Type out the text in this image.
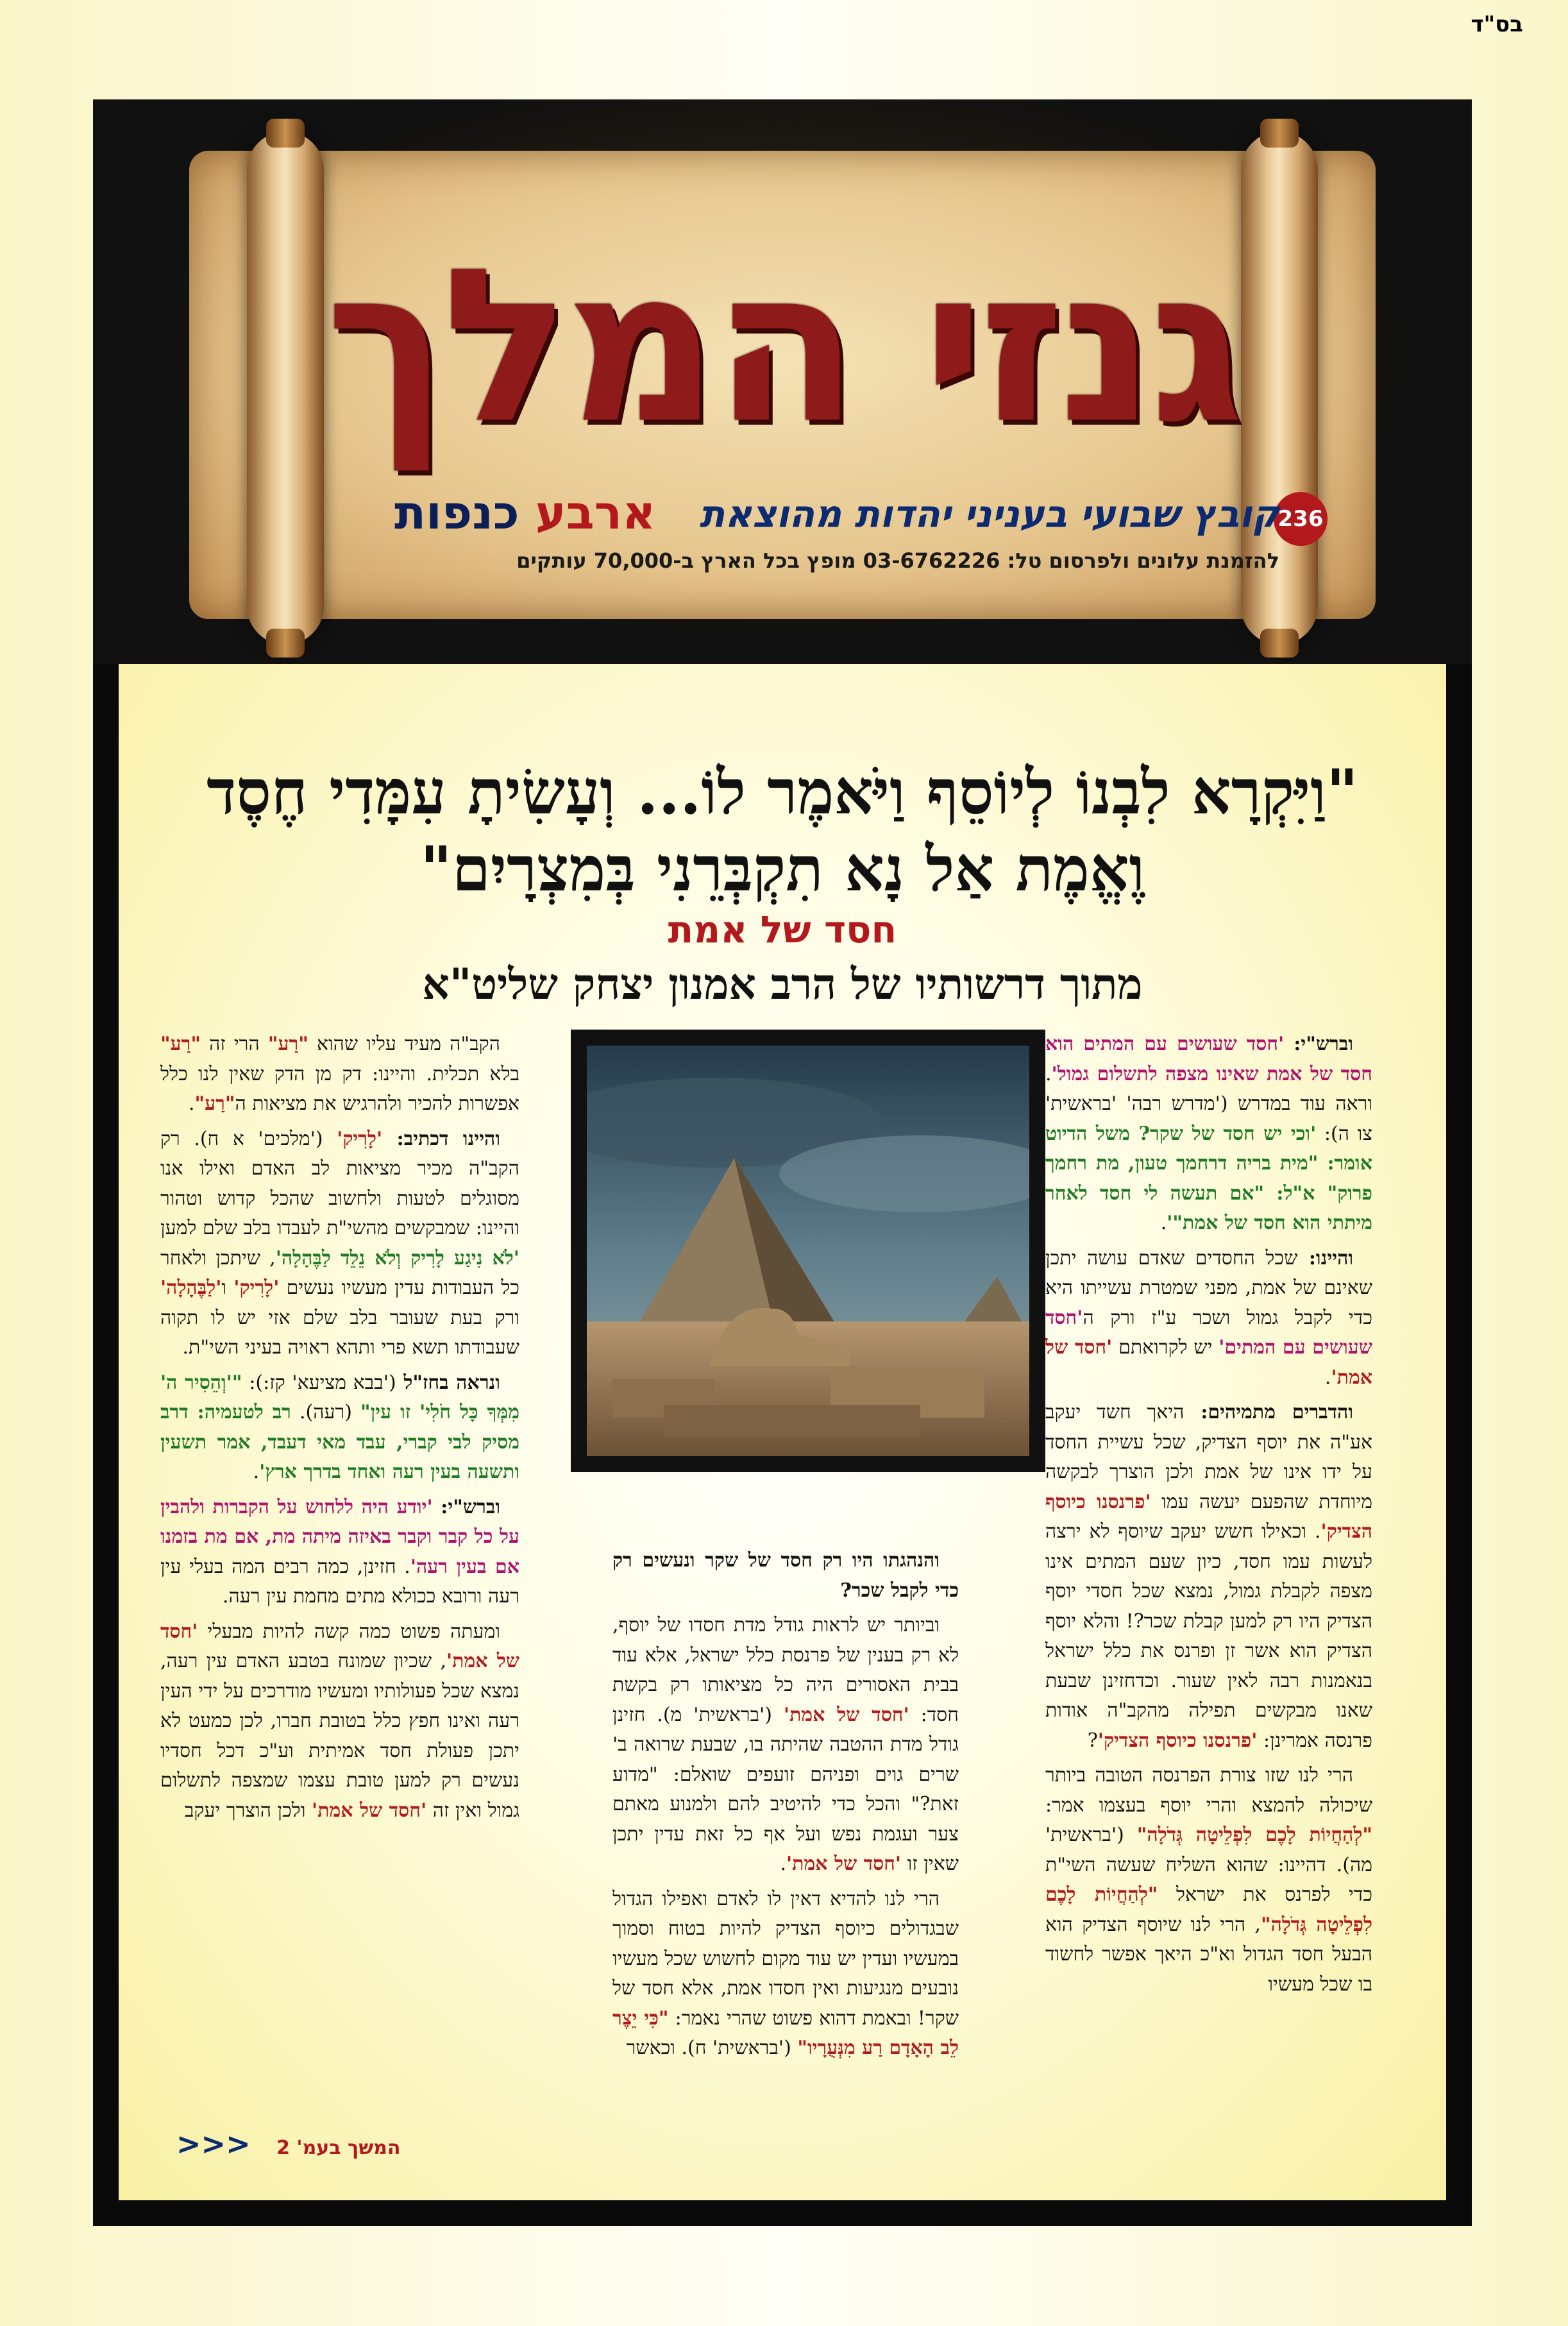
בס"ד
גנזי המלך
236
קובץ שבועי בעניני יהדות מהוצאת
ארבע כנפות
להזמנת עלונים ולפרסום טל: 03-6762226 מופץ בכל הארץ ב-70,000 עותקים
"וַיִּקְרָא לִבְנוֹ לְיוֹסֵף וַיֹּאמֶר לוֹ... וְעָשִׂיתָ עִמָּדִי חֶסֶד
וֶאֱמֶת אַל נָא תִקְבְּרֵנִי בְּמִצְרָיִם"
חסד של אמת
מתוך דרשותיו של הרב אמנון יצחק שליט"א

וברש"י: 'חסד שעושים עם המתים הוא חסד של אמת שאינו מצפה לתשלום גמול'. וראה עוד במדרש ('מדרש רבה' 'בראשית' צו ה): 'וכי יש חסד של שקר? משל הדיוט אומר: "מית בריה דרחמך טעון, מת רחמך פרוק" א"ל: "אם תעשה לי חסד לאחר מיתתי הוא חסד של אמת"'.

והיינו: שכל החסדים שאדם עושה יתכן שאינם של אמת, מפני שמטרת עשייתו היא כדי לקבל גמול ושכר ע"ז ורק ה'חסד שעושים עם המתים' יש לקרואתם 'חסד של אמת'.

והדברים מתמיהים: היאך חשד יעקב אע"ה את יוסף הצדיק, שכל עשיית החסד על ידו אינו של אמת ולכן הוצרך לבקשה מיוחדת שהפעם יעשה עמו 'פרנסנו כיוסף הצדיק'. וכאילו חשש יעקב שיוסף לא ירצה לעשות עמו חסד, כיון שעם המתים אינו מצפה לקבלת גמול, נמצא שכל חסדי יוסף הצדיק היו רק למען קבלת שכר?! והלא יוסף הצדיק הוא אשר זן ופרנס את כלל ישראל בנאמנות רבה לאין שעור. וכדחזינן שבעת שאנו מבקשים תפילה מהקב"ה אודות פרנסה אמרינן: 'פרנסנו כיוסף הצדיק'?

הרי לנו שזו צורת הפרנסה הטובה ביותר שיכולה להמצא והרי יוסף בעצמו אמר: "לְהַחֲיוֹת לָכֶם לִפְלֵיטָה גְּדֹלָה" ('בראשית' מה). דהיינו: שהוא השליח שעשה השי"ת כדי לפרנס את ישראל "לְהַחֲיוֹת לָכֶם לִפְלֵיטָה גְּדֹלָה", הרי לנו שיוסף הצדיק הוא הבעל חסד הגדול וא"כ היאך אפשר לחשוד בו שכל מעשיו

והנהגתו היו רק חסד של שקר ונעשים רק כדי לקבל שכר?

וביותר יש לראות גודל מדת חסדו של יוסף, לא רק בענין של פרנסת כלל ישראל, אלא עוד בבית האסורים היה כל מציאותו רק בקשת חסד: 'חסד של אמת' ('בראשית' מ). חזינן גודל מדת ההטבה שהיתה בו, שבעת שרואה ב' שרים גוים ופניהם זועפים שואלם: "מדוע זאת?" והכל כדי להיטיב להם ולמנוע מאתם צער ועגמת נפש ועל אף כל זאת עדין יתכן שאין זו 'חסד של אמת'.

הרי לנו להדיא דאין לו לאדם ואפילו הגדול שבגדולים כיוסף הצדיק להיות בטוח וסמוך במעשיו ועדין יש עוד מקום לחשוש שכל מעשיו נובעים מנגיעות ואין חסדו אמת, אלא חסד של שקר! ובאמת דהוא פשוט שהרי נאמר: "כִּי יֵצֶר לֵב הָאָדָם רַע מִנְּעֻרָיו" ('בראשית' ח). וכאשר

הקב"ה מעיד עליו שהוא "רַע" הרי זה "רַע" בלא תכלית. והיינו: דק מן הדק שאין לנו כלל אפשרות להכיר ולהרגיש את מציאות ה"רַע".

והיינו דכתיב: 'לָרִיק' ('מלכים' א ח). רק הקב"ה מכיר מציאות לב האדם ואילו אנו מסוגלים לטעות ולחשוב שהכל קדוש וטהור והיינו: שמבקשים מהשי"ת לעבדו בלב שלם למען 'לֹא נִיגַע לָרִיק וְלֹא נֵלֵד לַבֶּהָלָה', שיתכן ולאחר כל העבודות עדין מעשיו נעשים 'לָרִיק' ו'לַבֶּהָלָה' ורק בעת שעובר בלב שלם אזי יש לו תקוה שעבודתו תשא פרי ותהא ראויה בעיני השי"ת.

ונראה בחז"ל ('בבא מציעא' קז:): "'וְהֵסִיר ה' מִמְּךָ כָּל חֹלִי' זו עין" (רעה). רב לטעמיה: דרב מסיק לבי קברי, עבד מאי דעבד, אמר תשעין ותשעה בעין רעה ואחד בדרך ארץ'.

וברש"י: 'יודע היה ללחוש על הקברות ולהבין על כל קבר וקבר באיזה מיתה מת, אם מת בזמנו אם בעין רעה'. חזינן, כמה רבים המה בעלי עין רעה ורובא ככולא מתים מחמת עין רעה.

ומעתה פשוט כמה קשה להיות מבעלי 'חסד של אמת', שכיון שמונח בטבע האדם עין רעה, נמצא שכל פעולותיו ומעשיו מודרכים על ידי העין רעה ואינו חפץ כלל בטובת חברו, לכן כמעט לא יתכן פעולת חסד אמיתית וע"כ דכל חסדיו נעשים רק למען טובת עצמו שמצפה לתשלום גמול ואין זה 'חסד של אמת' ולכן הוצרך יעקב

המשך בעמ' 2 <<<
